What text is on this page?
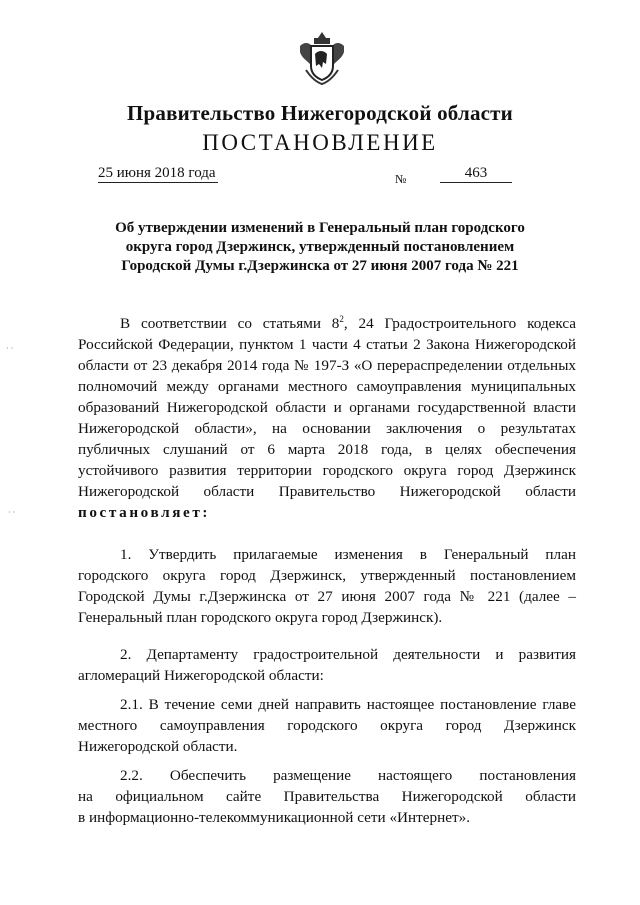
Правительство Нижегородской области
ПОСТАНОВЛЕНИЕ
25 июня 2018 года	№	463
Об утверждении изменений в Генеральный план городского
округа город Дзержинск, утвержденный постановлением
Городской Думы г.Дзержинска от 27 июня 2007 года № 221

В соответствии со статьями $8^2$, 24 Градостроительного кодекса

Российской Федерации, пунктом 1 части 4 статьи 2 Закона Нижегородской

области от 23 декабря 2014 года № 197-З «О перераспределении отдельных

полномочий между органами местного самоуправления муниципальных

образований Нижегородской области и органами государственной власти

Нижегородской области», на основании заключения о результатах

публичных слушаний от 6 марта 2018 года, в целях обеспечения

устойчивого развития территории городского округа город Дзержинск

Нижегородской области Правительство Нижегородской области

постановляет:

1. Утвердить прилагаемые изменения в Генеральный план

городского округа город Дзержинск, утвержденный постановлением

Городской Думы г.Дзержинска от 27 июня 2007 года № 221 (далее –

Генеральный план городского округа город Дзержинск).

2. Департаменту градостроительной деятельности и развития

агломераций Нижегородской области:

2.1. В течение семи дней направить настоящее постановление главе

местного самоуправления городского округа город Дзержинск

Нижегородской области.

2.2. Обеспечить размещение настоящего постановления

на официальном сайте Правительства Нижегородской области

в информационно-телекоммуникационной сети «Интернет».

· ·
· ·
